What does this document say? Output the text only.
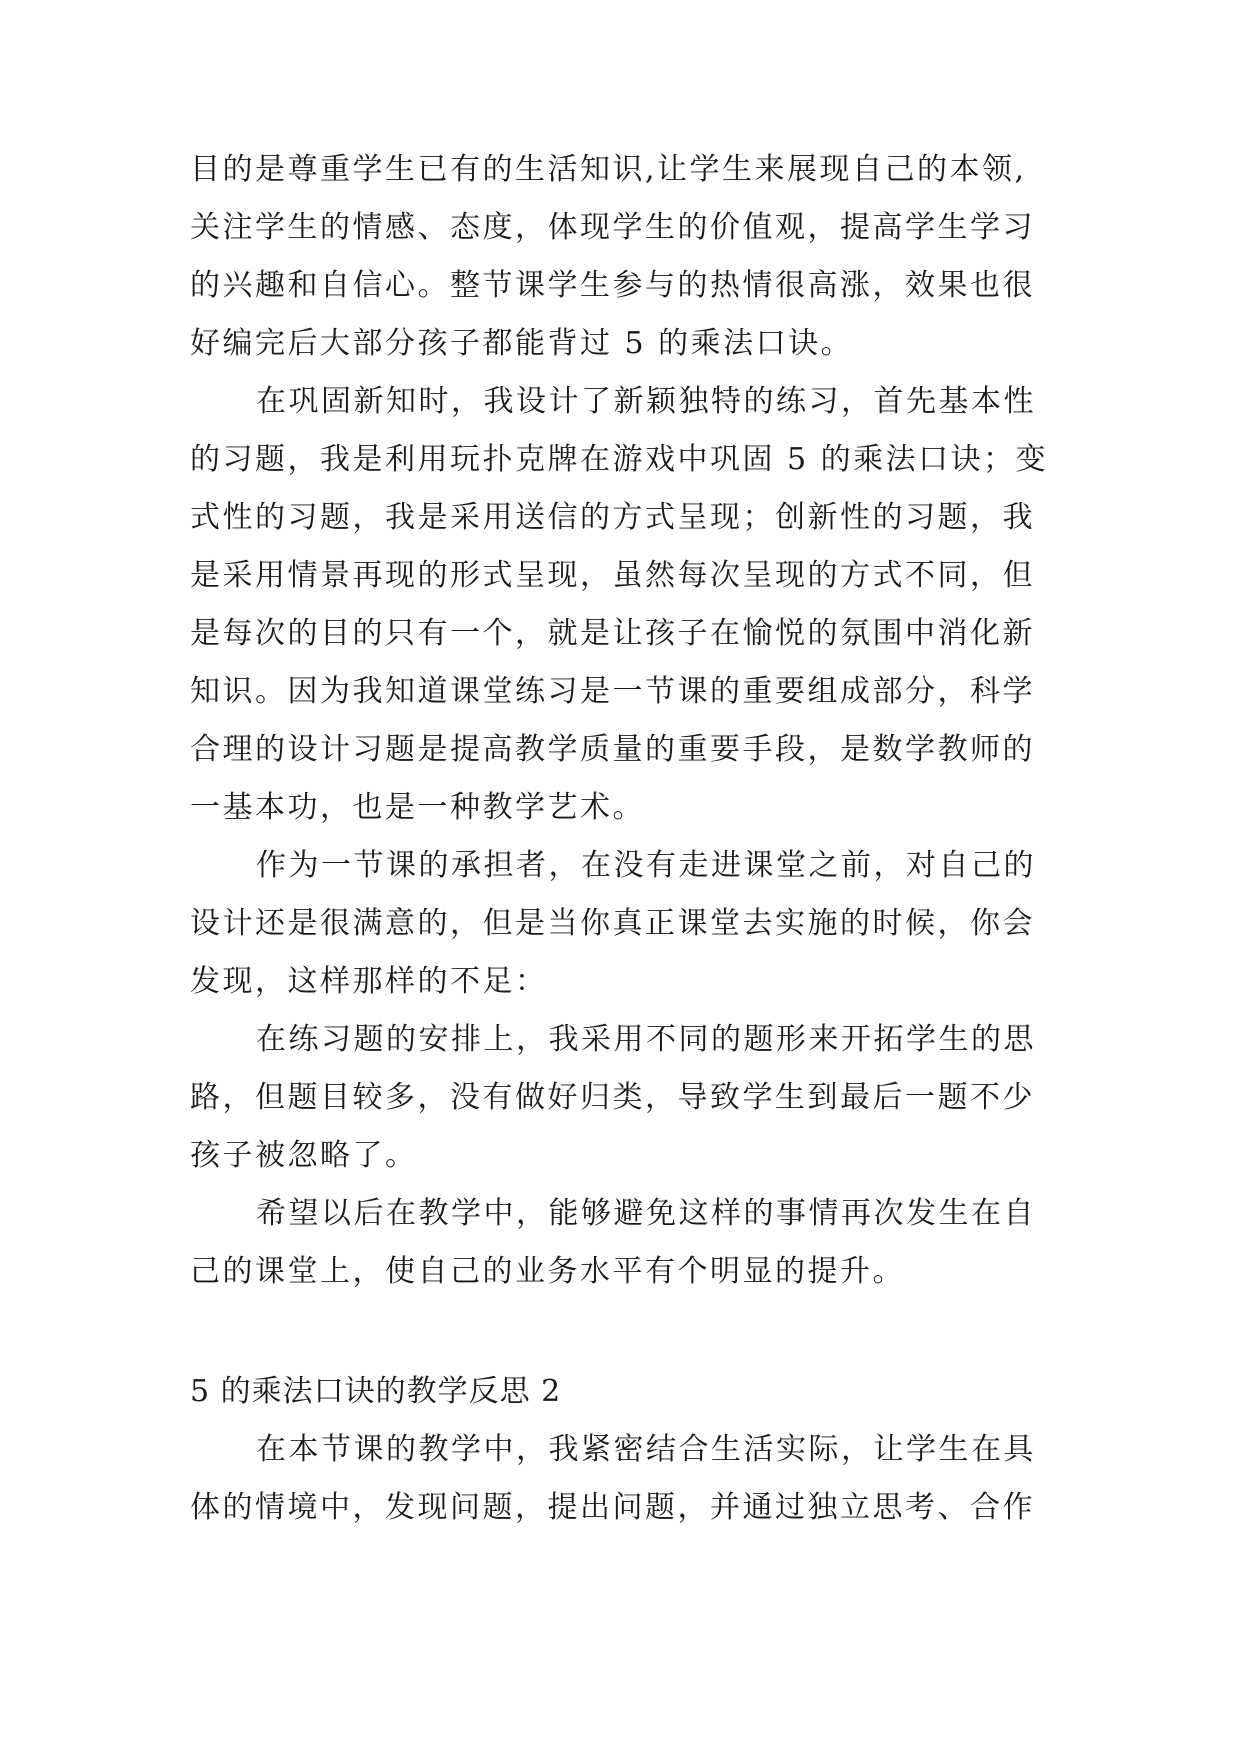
目的是尊重学生已有的生活知识,让学生来展现自己的本领,
关注学生的情感、态度，体现学生的价值观，提高学生学习
的兴趣和自信心。整节课学生参与的热情很高涨，效果也很
好编完后大部分孩子都能背过 5 的乘法口诀。
在巩固新知时，我设计了新颖独特的练习，首先基本性
的习题，我是利用玩扑克牌在游戏中巩固 5 的乘法口诀；变
式性的习题，我是采用送信的方式呈现；创新性的习题，我
是采用情景再现的形式呈现，虽然每次呈现的方式不同，但
是每次的目的只有一个，就是让孩子在愉悦的氛围中消化新
知识。因为我知道课堂练习是一节课的重要组成部分，科学
合理的设计习题是提高教学质量的重要手段，是数学教师的
一基本功，也是一种教学艺术。
作为一节课的承担者，在没有走进课堂之前，对自己的
设计还是很满意的，但是当你真正课堂去实施的时候，你会
发现，这样那样的不足：
在练习题的安排上，我采用不同的题形来开拓学生的思
路，但题目较多，没有做好归类，导致学生到最后一题不少
孩子被忽略了。
希望以后在教学中，能够避免这样的事情再次发生在自
己的课堂上，使自己的业务水平有个明显的提升。
5 的乘法口诀的教学反思 2
在本节课的教学中，我紧密结合生活实际，让学生在具
体的情境中，发现问题，提出问题，并通过独立思考、合作
